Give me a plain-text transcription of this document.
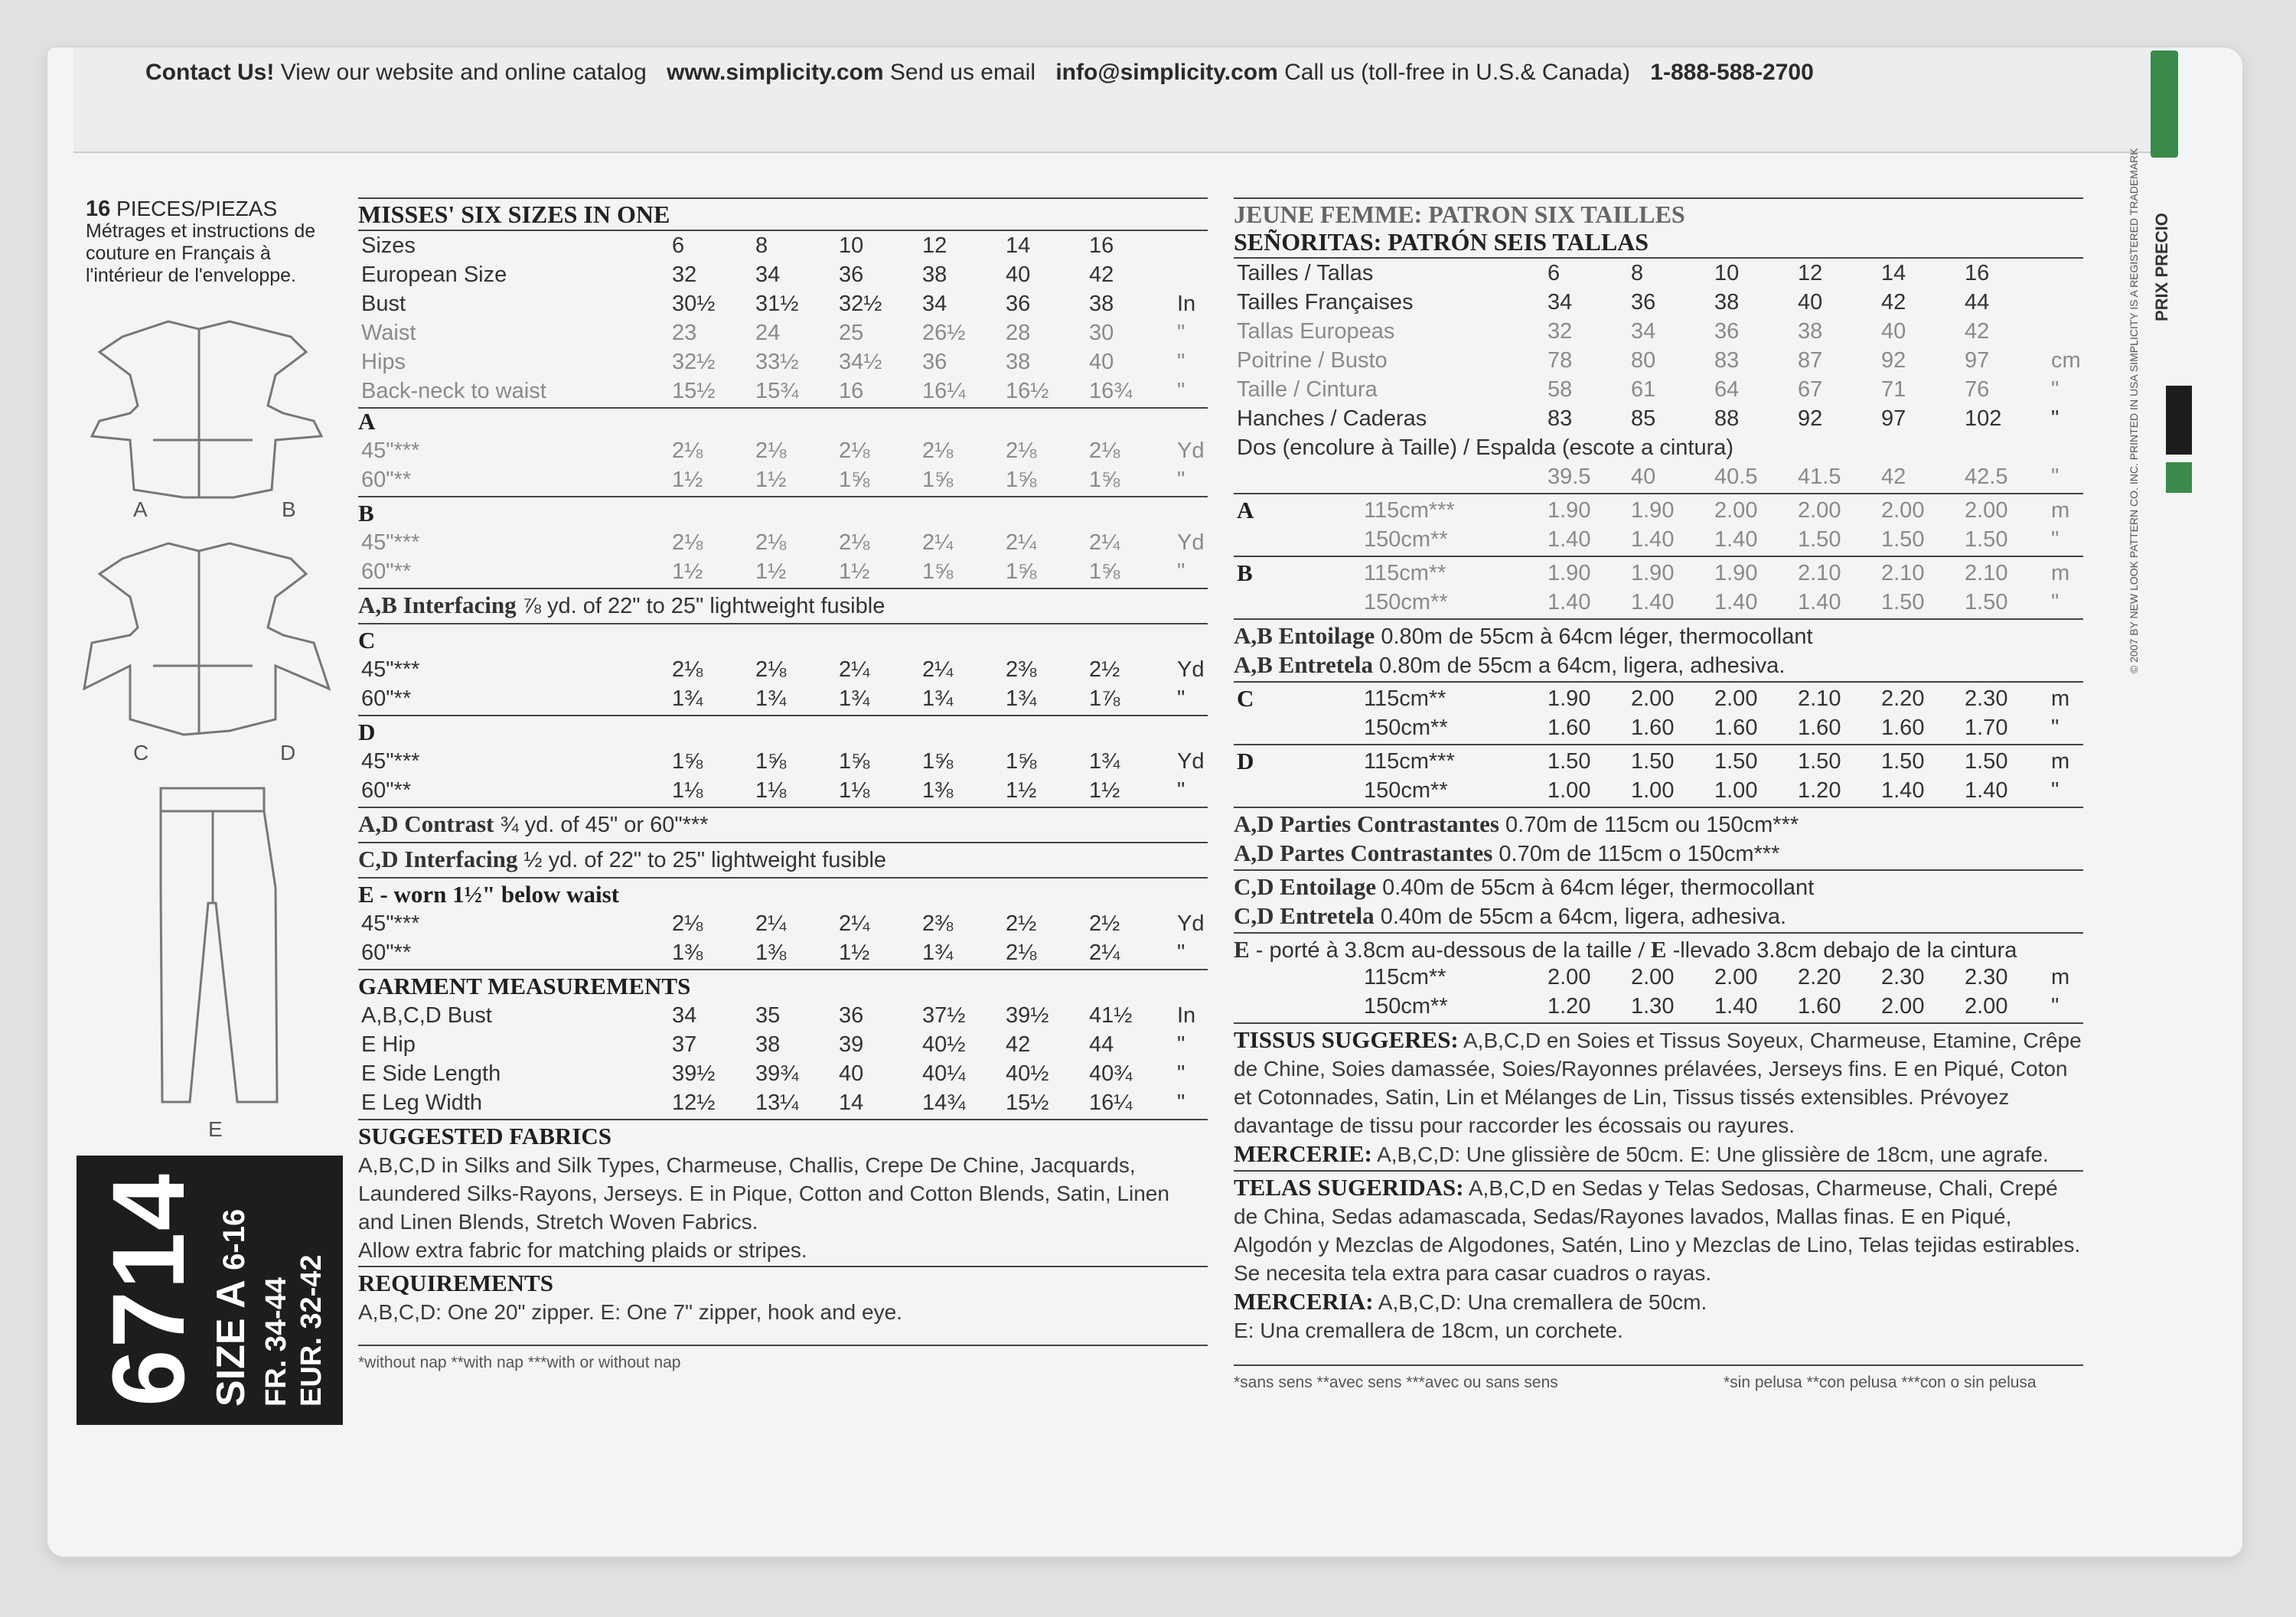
Contact Us! View our website and online catalog www.simplicity.com Send us email info@simplicity.com Call us (toll-free in U.S.& Canada) 1-888-588-2700
16 PIECES/PIEZAS
Métrages et instructions de couture en Français à l'intérieur de l'enveloppe.
A	B
C	D
E
6714 SIZE A 6-16
FR. 34-44 EUR. 32-42
MISSES' SIX SIZES IN ONE
Sizes	6	8	10	12	14	16
European Size	32	34	36	38	40	42
Bust	30½	31½	32½	34	36	38	In
Waist	23	24	25	26½	28	30	"
Hips	32½	33½	34½	36	38	40	"
Back-neck to waist	15½	15¾	16	16¼	16½	16¾	"
A
45"***	2⅛	2⅛	2⅛	2⅛	2⅛	2⅛	Yd
60"**	1½	1½	1⅝	1⅝	1⅝	1⅝	"
B
45"***	2⅛	2⅛	2⅛	2¼	2¼	2¼	Yd
60"**	1½	1½	1½	1⅝	1⅝	1⅝	"
A,B Interfacing ⅞ yd. of 22" to 25" lightweight fusible
C
45"***	2⅛	2⅛	2¼	2¼	2⅜	2½	Yd
60"**	1¾	1¾	1¾	1¾	1¾	1⅞	"
D
45"***	1⅝	1⅝	1⅝	1⅝	1⅝	1¾	Yd
60"**	1⅛	1⅛	1⅛	1⅜	1½	1½	"
A,D Contrast ¾ yd. of 45" or 60"***
C,D Interfacing ½ yd. of 22" to 25" lightweight fusible
E - worn 1½" below waist
45"***	2⅛	2¼	2¼	2⅜	2½	2½	Yd
60"**	1⅜	1⅜	1½	1¾	2⅛	2¼	"
GARMENT MEASUREMENTS
A,B,C,D Bust	34	35	36	37½	39½	41½	In
E Hip	37	38	39	40½	42	44	"
E Side Length	39½	39¾	40	40¼	40½	40¾	"
E Leg Width	12½	13¼	14	14¾	15½	16¼	"
SUGGESTED FABRICS
A,B,C,D in Silks and Silk Types, Charmeuse, Challis, Crepe De Chine, Jacquards, Laundered Silks-Rayons, Jerseys. E in Pique, Cotton and Cotton Blends, Satin, Linen and Linen Blends, Stretch Woven Fabrics.
Allow extra fabric for matching plaids or stripes.
REQUIREMENTS
A,B,C,D: One 20" zipper. E: One 7" zipper, hook and eye.
*without nap **with nap ***with or without nap
JEUNE FEMME: PATRON SIX TAILLES
SEÑORITAS: PATRÓN SEIS TALLAS
Tailles / Tallas	6	8	10	12	14	16
Tailles Françaises	34	36	38	40	42	44
Tallas Europeas	32	34	36	38	40	42
Poitrine / Busto	78	80	83	87	92	97	cm
Taille / Cintura	58	61	64	67	71	76	"
Hanches / Caderas	83	85	88	92	97	102	"
Dos (encolure à Taille) / Espalda (escote a cintura)
39.5	40	40.5	41.5	42	42.5	"
A	115cm***	1.90	1.90	2.00	2.00	2.00	2.00	m
150cm**	1.40	1.40	1.40	1.50	1.50	1.50	"
B	115cm**	1.90	1.90	1.90	2.10	2.10	2.10	m
150cm**	1.40	1.40	1.40	1.40	1.50	1.50	"
A,B Entoilage 0.80m de 55cm à 64cm léger, thermocollant
A,B Entretela 0.80m de 55cm a 64cm, ligera, adhesiva.
C	115cm**	1.90	2.00	2.00	2.10	2.20	2.30	m
150cm**	1.60	1.60	1.60	1.60	1.60	1.70	"
D	115cm***	1.50	1.50	1.50	1.50	1.50	1.50	m
150cm**	1.00	1.00	1.00	1.20	1.40	1.40	"
A,D Parties Contrastantes 0.70m de 115cm ou 150cm***
A,D Partes Contrastantes 0.70m de 115cm o 150cm***
C,D Entoilage 0.40m de 55cm à 64cm léger, thermocollant
C,D Entretela 0.40m de 55cm a 64cm, ligera, adhesiva.
E - porté à 3.8cm au-dessous de la taille / E -llevado 3.8cm debajo de la cintura
115cm**	2.00	2.00	2.00	2.20	2.30	2.30	m
150cm**	1.20	1.30	1.40	1.60	2.00	2.00	"
TISSUS SUGGERES: A,B,C,D en Soies et Tissus Soyeux, Charmeuse, Etamine, Crêpe de Chine, Soies damassée, Soies/Rayonnes prélavées, Jerseys fins. E en Piqué, Coton et Cotonnades, Satin, Lin et Mélanges de Lin, Tissus tissés extensibles. Prévoyez davantage de tissu pour raccorder les écossais ou rayures.
MERCERIE: A,B,C,D: Une glissière de 50cm. E: Une glissière de 18cm, une agrafe.
TELAS SUGERIDAS: A,B,C,D en Sedas y Telas Sedosas, Charmeuse, Chali, Crepé de China, Sedas adamascada, Sedas/Rayones lavados, Mallas finas. E en Piqué, Algodón y Mezclas de Algodones, Satén, Lino y Mezclas de Lino, Telas tejidas estirables. Se necesita tela extra para casar cuadros o rayas.
MERCERIA: A,B,C,D: Una cremallera de 50cm.
E: Una cremallera de 18cm, un corchete.
*sans sens **avec sens ***avec ou sans sens	*sin pelusa **con pelusa ***con o sin pelusa
PRIX PRECIO
© 2007 BY NEW LOOK PATTERN CO. INC. PRINTED IN USA SIMPLICITY IS A REGISTERED TRADEMARK
